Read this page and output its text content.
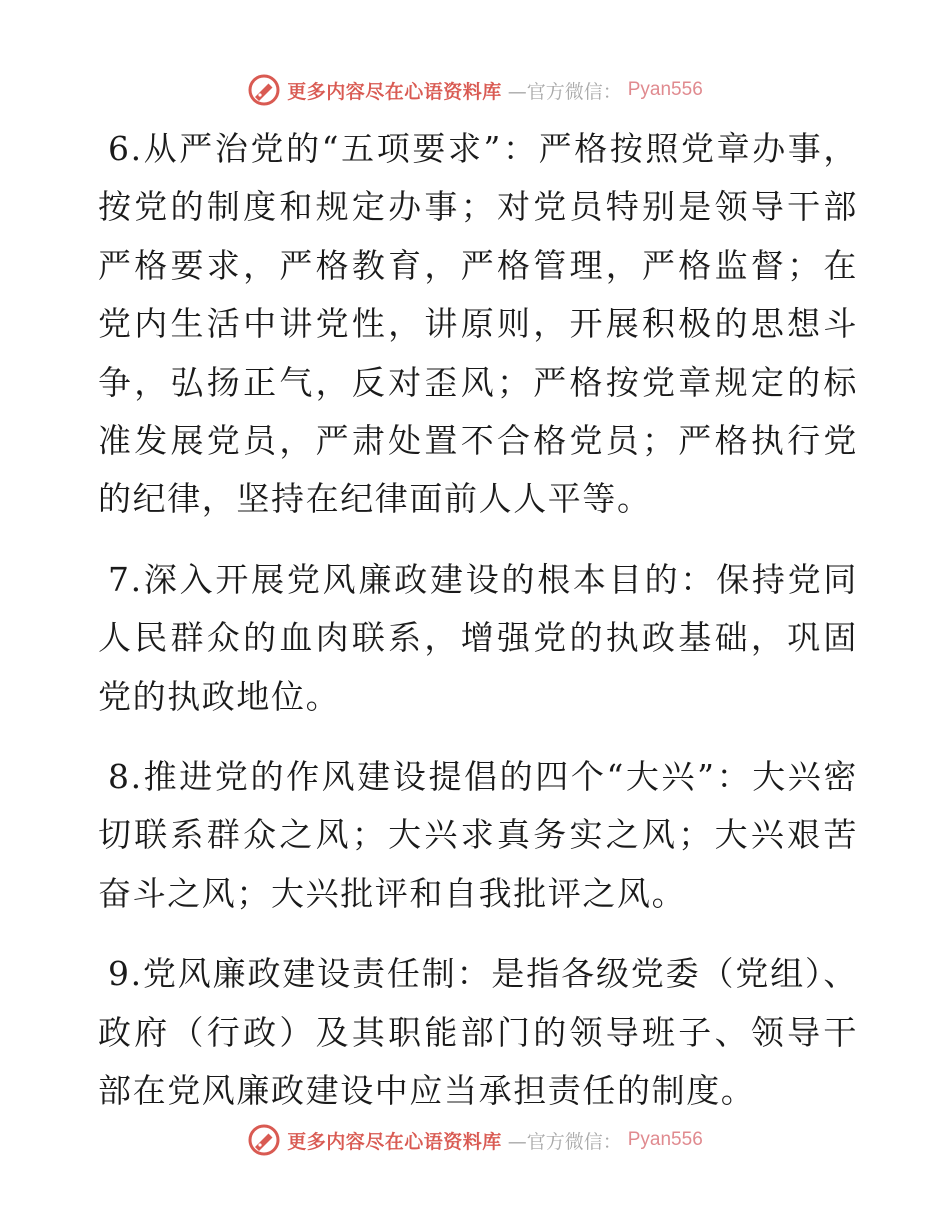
更多内容尽在心语资料库 —官方微信： Pyan556

6.从严治党的“五项要求”：严格按照党章办事，按党的制度和规定办事；对党员特别是领导干部严格要求，严格教育，严格管理，严格监督；在党内生活中讲党性，讲原则，开展积极的思想斗争，弘扬正气，反对歪风；严格按党章规定的标准发展党员，严肃处置不合格党员；严格执行党的纪律，坚持在纪律面前人人平等。

7.深入开展党风廉政建设的根本目的：保持党同人民群众的血肉联系，增强党的执政基础，巩固党的执政地位。

8.推进党的作风建设提倡的四个“大兴”：大兴密切联系群众之风；大兴求真务实之风；大兴艰苦奋斗之风；大兴批评和自我批评之风。

9.党风廉政建设责任制：是指各级党委（党组）、政府（行政）及其职能部门的领导班子、领导干部在党风廉政建设中应当承担责任的制度。

更多内容尽在心语资料库 —官方微信： Pyan556
